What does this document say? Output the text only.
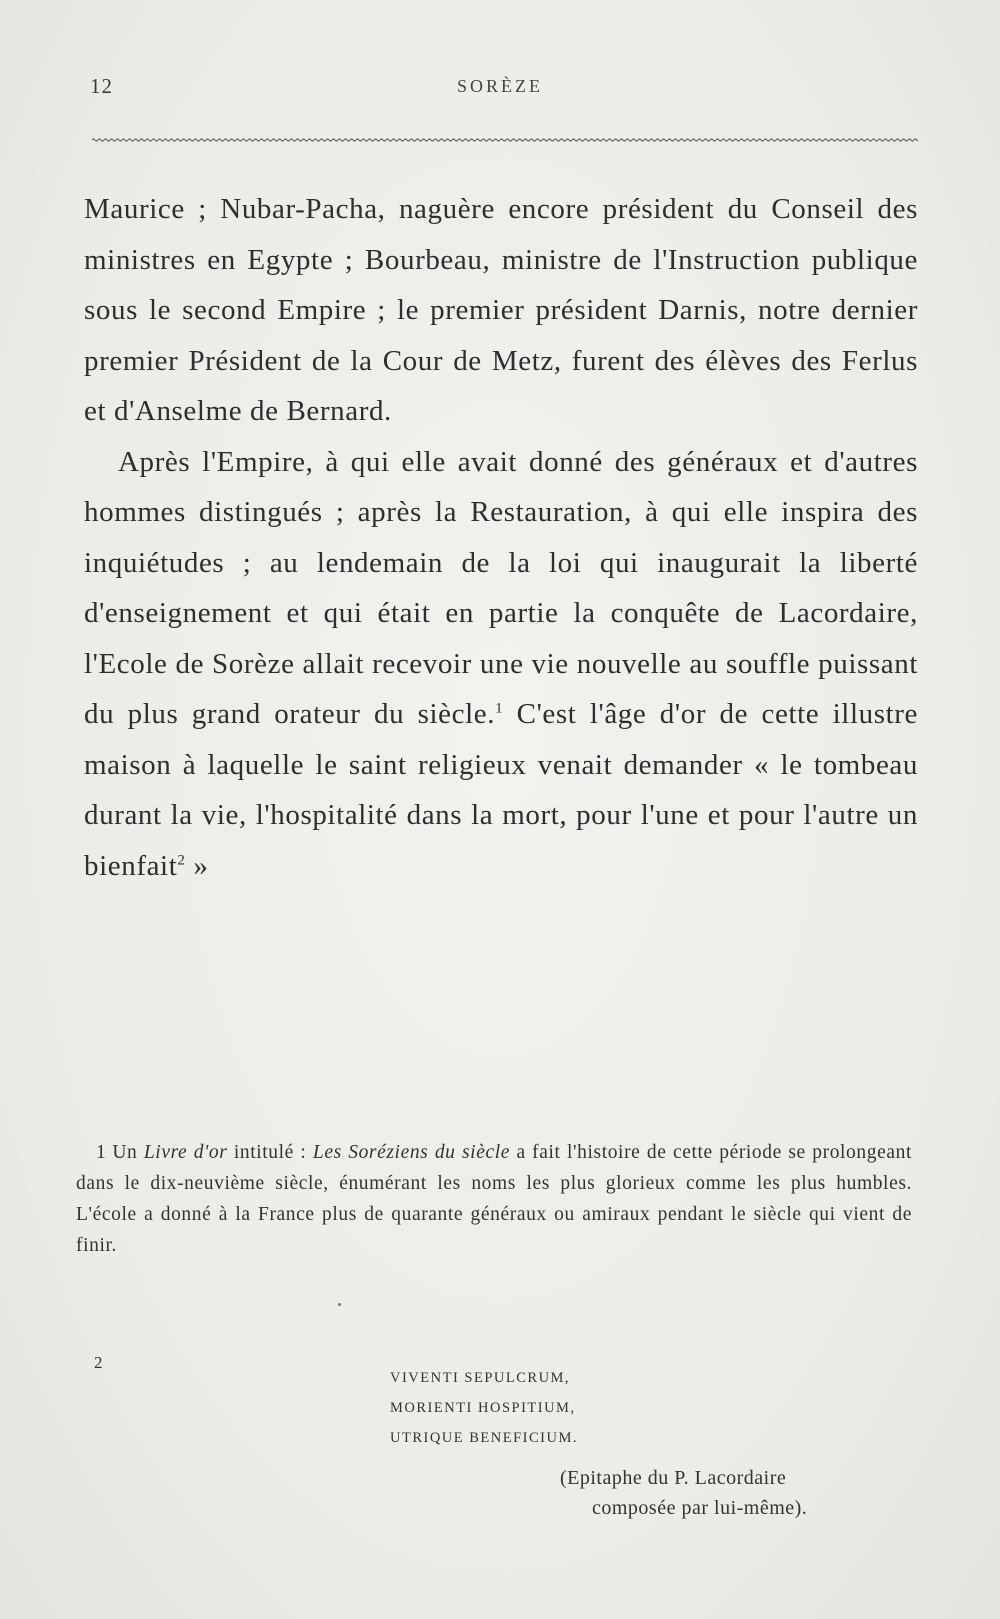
12	SORÈZE

Maurice ; Nubar-Pacha, naguère encore président du Conseil des ministres en Egypte ; Bourbeau, ministre de l'Instruction publique sous le second Empire ; le premier président Darnis, notre dernier premier Président de la Cour de Metz, furent des élèves des Ferlus et d'Anselme de Bernard.

Après l'Empire, à qui elle avait donné des généraux et d'autres hommes distingués ; après la Restauration, à qui elle inspira des inquiétudes ; au lendemain de la loi qui inaugurait la liberté d'enseignement et qui était en partie la conquête de Lacordaire, l'Ecole de Sorèze allait recevoir une vie nouvelle au souffle puissant du plus grand orateur du siècle.$^1$ C'est l'âge d'or de cette illustre maison à laquelle le saint religieux venait demander « le tombeau durant la vie, l'hospitalité dans la mort, pour l'une et pour l'autre un bienfait$^2$ »

1 Un Livre d'or intitulé : Les Soréziens du siècle a fait l'histoire de cette période se prolongeant dans le dix-neuvième siècle, énumérant les noms les plus glorieux comme les plus humbles. L'école a donné à la France plus de quarante généraux ou amiraux pendant le siècle qui vient de finir.

2
VIVENTI SEPULCRUM,
MORIENTI HOSPITIUM,
UTRIQUE BENEFICIUM.
(Epitaphe du P. Lacordaire
composée par lui-même).
